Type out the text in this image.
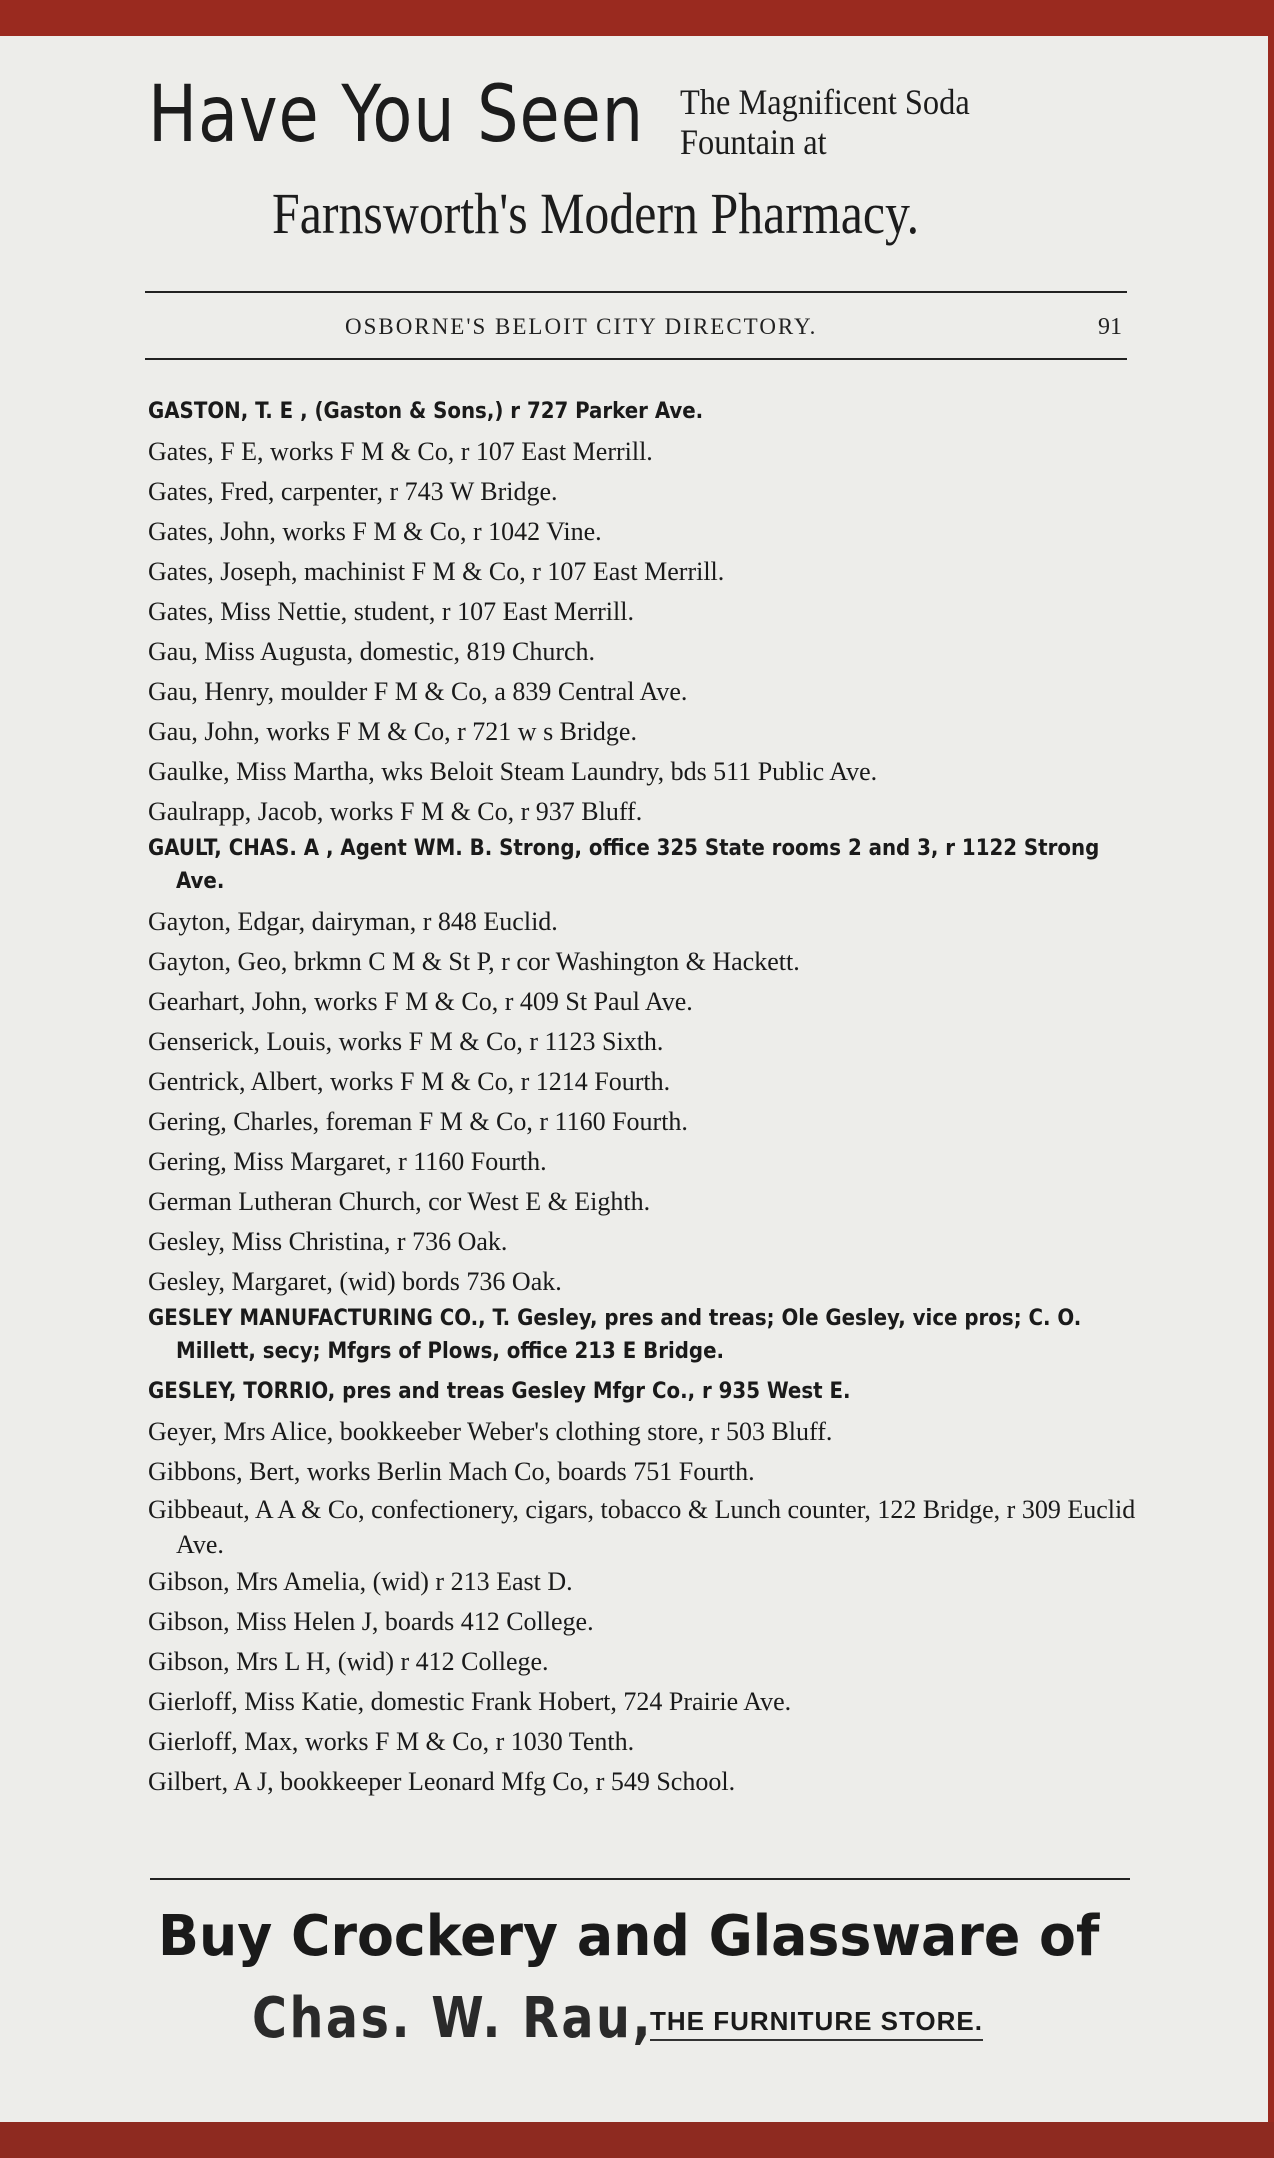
Have You Seen The Magnificent Soda
Fountain at
Farnsworth's Modern Pharmacy.
OSBORNE'S BELOIT CITY DIRECTORY.	91

GASTON, T. E , (Gaston & Sons,) r 727 Parker Ave.

Gates, F E, works F M & Co, r 107 East Merrill.

Gates, Fred, carpenter, r 743 W Bridge.

Gates, John, works F M & Co, r 1042 Vine.

Gates, Joseph, machinist F M & Co, r 107 East Merrill.

Gates, Miss Nettie, student, r 107 East Merrill.

Gau, Miss Augusta, domestic, 819 Church.

Gau, Henry, moulder F M & Co, a 839 Central Ave.

Gau, John, works F M & Co, r 721 w s Bridge.

Gaulke, Miss Martha, wks Beloit Steam Laundry, bds 511 Public Ave.

Gaulrapp, Jacob, works F M & Co, r 937 Bluff.

GAULT, CHAS. A , Agent WM. B. Strong, office 325 State rooms 2 and 3, r 1122 Strong Ave.

Gayton, Edgar, dairyman, r 848 Euclid.

Gayton, Geo, brkmn C M & St P, r cor Washington & Hackett.

Gearhart, John, works F M & Co, r 409 St Paul Ave.

Genserick, Louis, works F M & Co, r 1123 Sixth.

Gentrick, Albert, works F M & Co, r 1214 Fourth.

Gering, Charles, foreman F M & Co, r 1160 Fourth.

Gering, Miss Margaret, r 1160 Fourth.

German Lutheran Church, cor West E & Eighth.

Gesley, Miss Christina, r 736 Oak.

Gesley, Margaret, (wid) bords 736 Oak.

GESLEY MANUFACTURING CO., T. Gesley, pres and treas; Ole Gesley, vice pros; C. O. Millett, secy; Mfgrs of Plows, office 213 E Bridge.

GESLEY, TORRIO, pres and treas Gesley Mfgr Co., r 935 West E.

Geyer, Mrs Alice, bookkeeber Weber's clothing store, r 503 Bluff.

Gibbons, Bert, works Berlin Mach Co, boards 751 Fourth.

Gibbeaut, A A & Co, confectionery, cigars, tobacco & Lunch counter, 122 Bridge, r 309 Euclid Ave.

Gibson, Mrs Amelia, (wid) r 213 East D.

Gibson, Miss Helen J, boards 412 College.

Gibson, Mrs L H, (wid) r 412 College.

Gierloff, Miss Katie, domestic Frank Hobert, 724 Prairie Ave.

Gierloff, Max, works F M & Co, r 1030 Tenth.

Gilbert, A J, bookkeeper Leonard Mfg Co, r 549 School.

Buy Crockery and Glassware of
Chas. W. Rau,
THE FURNITURE STORE.
